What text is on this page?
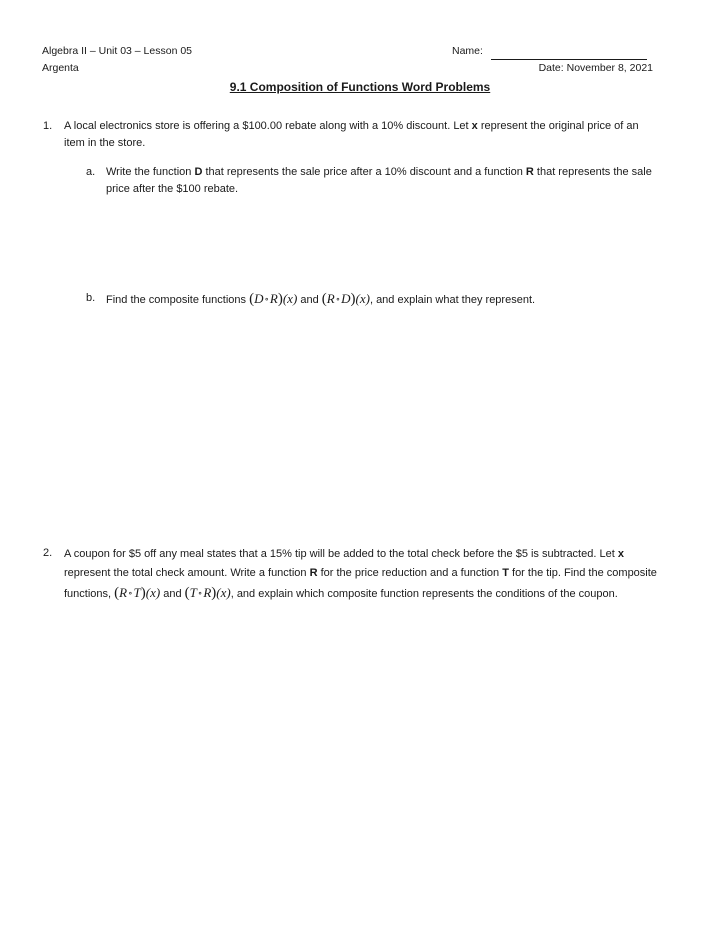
Algebra II – Unit 03 – Lesson 05
Argenta
Name:
Date: November 8, 2021
9.1 Composition of Functions Word Problems
1. A local electronics store is offering a $100.00 rebate along with a 10% discount. Let x represent the original price of an item in the store.
a. Write the function D that represents the sale price after a 10% discount and a function R that represents the sale price after the $100 rebate.
b. Find the composite functions (D∘R)(x) and (R∘D)(x), and explain what they represent.
2. A coupon for $5 off any meal states that a 15% tip will be added to the total check before the $5 is subtracted. Let x represent the total check amount. Write a function R for the price reduction and a function T for the tip. Find the composite functions, (R∘T)(x) and (T∘R)(x), and explain which composite function represents the conditions of the coupon.
